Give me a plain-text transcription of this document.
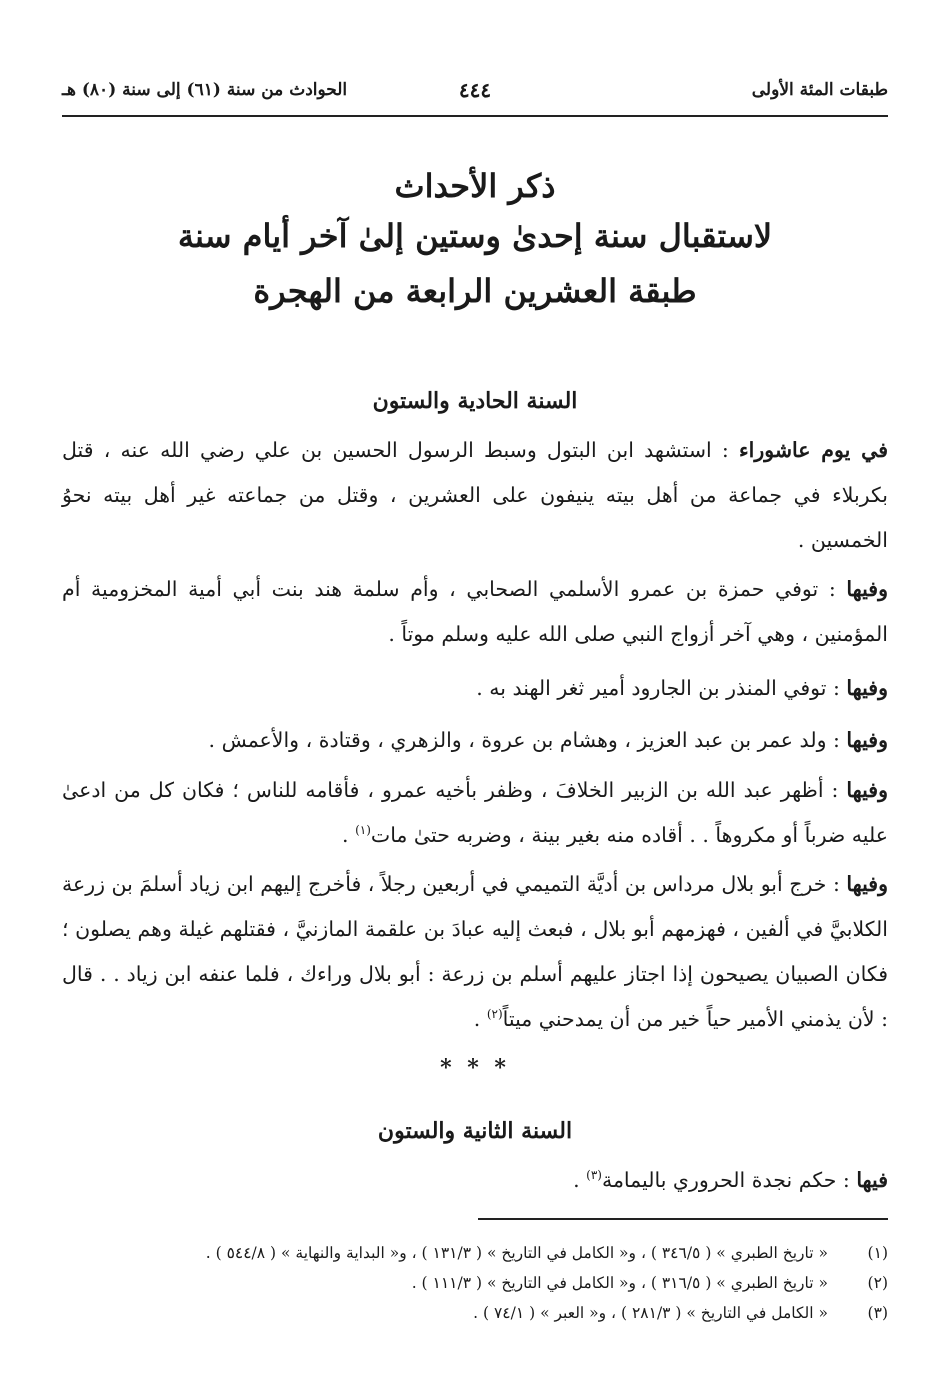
طبقات المئة الأولى
٤٤٤
الحوادث من سنة (٦١) إلى سنة (٨٠) هـ
ذكر الأحداث
لاستقبال سنة إحدىٰ وستين إلىٰ آخر أيام سنة
طبقة العشرين الرابعة من الهجرة
السنة الحادية والستون
في يوم عاشوراء : استشهد ابن البتول وسبط الرسول الحسين بن علي رضي الله عنه ، قتل بكربلاء في جماعة من أهل بيته ينيفون على العشرين ، وقتل من جماعته غير أهل بيته نحوُ الخمسين .
وفيها : توفي حمزة بن عمرو الأسلمي الصحابي ، وأم سلمة هند بنت أبي أمية المخزومية أم المؤمنين ، وهي آخر أزواج النبي صلى الله عليه وسلم موتاً .
وفيها : توفي المنذر بن الجارود أمير ثغر الهند به .
وفيها : ولد عمر بن عبد العزيز ، وهشام بن عروة ، والزهري ، وقتادة ، والأعمش .
وفيها : أظهر عبد الله بن الزبير الخلافَ ، وظفر بأخيه عمرو ، فأقامه للناس ؛ فكان كل من ادعىٰ عليه ضرباً أو مكروهاً . . أقاده منه بغير بينة ، وضربه حتىٰ مات$^{(١)}$ .
وفيها : خرج أبو بلال مرداس بن أديَّة التميمي في أربعين رجلاً ، فأخرج إليهم ابن زياد أسلمَ بن زرعة الكلابيَّ في ألفين ، فهزمهم أبو بلال ، فبعث إليه عبادَ بن علقمة المازنيَّ ، فقتلهم غيلة وهم يصلون ؛ فكان الصبيان يصيحون إذا اجتاز عليهم أسلم بن زرعة : أبو بلال وراءك ، فلما عنفه ابن زياد . . قال : لأن يذمني الأمير حياً خير من أن يمدحني ميتاً$^{(٢)}$ .
* * *
السنة الثانية والستون
فيها : حكم نجدة الحروري باليمامة$^{(٣)}$ .
(١)
« تاريخ الطبري » ( ٣٤٦/٥ ) ، و« الكامل في التاريخ » ( ١٣١/٣ ) ، و« البداية والنهاية » ( ٥٤٤/٨ ) .
(٢)
« تاريخ الطبري » ( ٣١٦/٥ ) ، و« الكامل في التاريخ » ( ١١١/٣ ) .
(٣)
« الكامل في التاريخ » ( ٢٨١/٣ ) ، و« العبر » ( ٧٤/١ ) .
